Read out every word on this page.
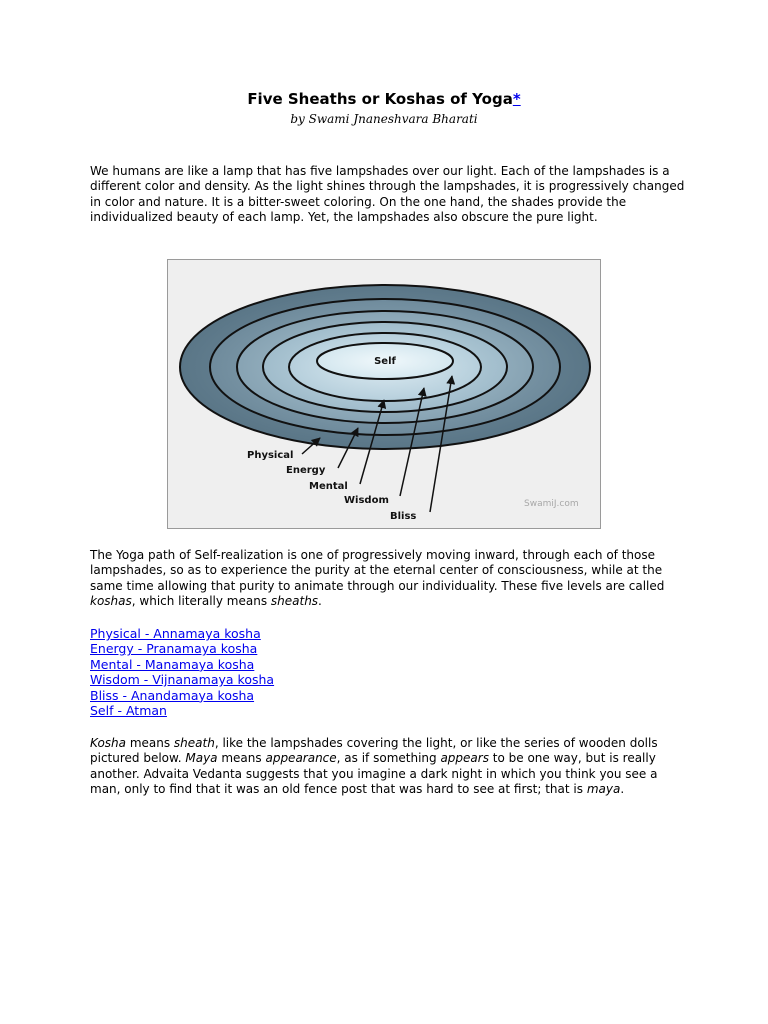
Five Sheaths or Koshas of Yoga*
by Swami Jnaneshvara Bharati

We humans are like a lamp that has five lampshades over our light. Each of the lampshades is a different color and density. As the light shines through the lampshades, it is progressively changed in color and nature. It is a bitter-sweet coloring. On the one hand, the shades provide the individualized beauty of each lamp. Yet, the lampshades also obscure the pure light.

Self
Physical
Energy
Mental
Wisdom
Bliss
SwamiJ.com

The Yoga path of Self-realization is one of progressively moving inward, through each of those lampshades, so as to experience the purity at the eternal center of consciousness, while at the same time allowing that purity to animate through our individuality. These five levels are called koshas, which literally means sheaths.

Physical - Annamaya kosha
Energy - Pranamaya kosha
Mental - Manamaya kosha
Wisdom - Vijnanamaya kosha
Bliss - Anandamaya kosha
Self - Atman

Kosha means sheath, like the lampshades covering the light, or like the series of wooden dolls pictured below. Maya means appearance, as if something appears to be one way, but is really another. Advaita Vedanta suggests that you imagine a dark night in which you think you see a man, only to find that it was an old fence post that was hard to see at first; that is maya.
